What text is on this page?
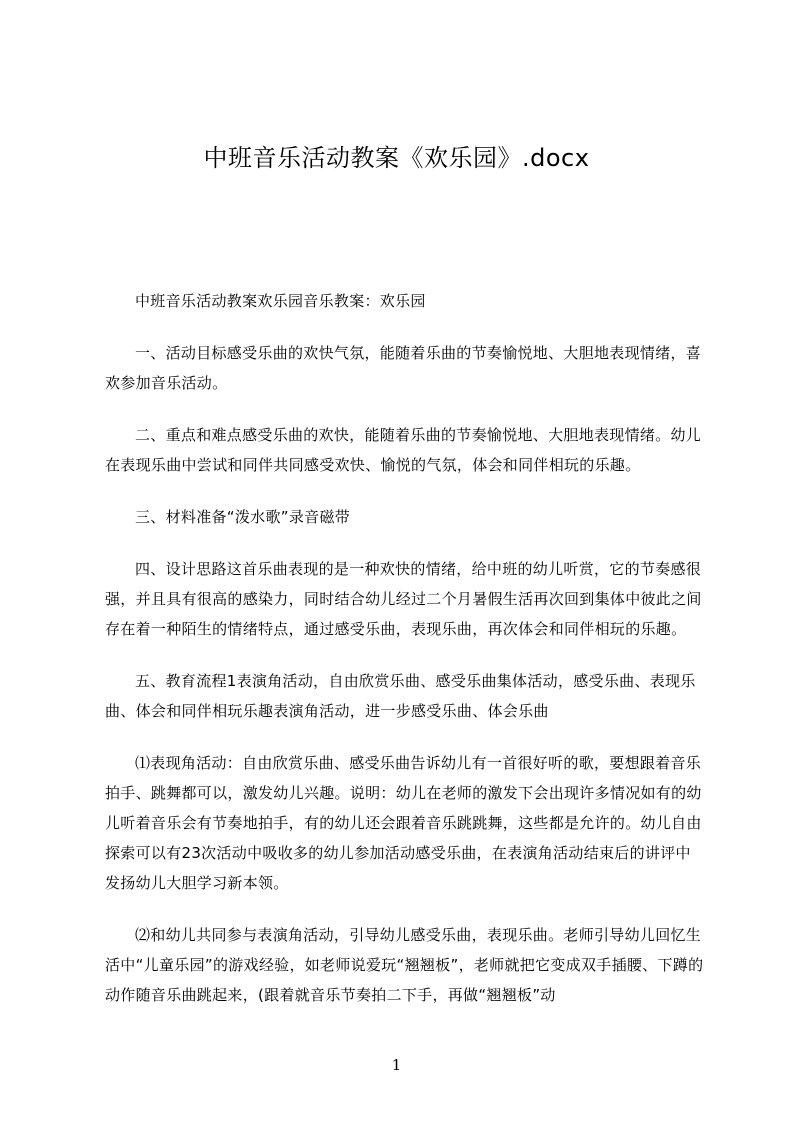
中班音乐活动教案《欢乐园》.docx

中班音乐活动教案欢乐园音乐教案：欢乐园

一、活动目标感受乐曲的欢快气氛，能随着乐曲的节奏愉悦地、大胆地表现情绪，喜欢参加音乐活动。

二、重点和难点感受乐曲的欢快，能随着乐曲的节奏愉悦地、大胆地表现情绪。幼儿在表现乐曲中尝试和同伴共同感受欢快、愉悦的气氛，体会和同伴相玩的乐趣。

三、材料准备“泼水歌”录音磁带

四、设计思路这首乐曲表现的是一种欢快的情绪，给中班的幼儿听赏，它的节奏感很强，并且具有很高的感染力，同时结合幼儿经过二个月暑假生活再次回到集体中彼此之间存在着一种陌生的情绪特点，通过感受乐曲，表现乐曲，再次体会和同伴相玩的乐趣。

五、教育流程1表演角活动，自由欣赏乐曲、感受乐曲集体活动，感受乐曲、表现乐曲、体会和同伴相玩乐趣表演角活动，进一步感受乐曲、体会乐曲

⑴表现角活动：自由欣赏乐曲、感受乐曲告诉幼儿有一首很好听的歌，要想跟着音乐拍手、跳舞都可以，激发幼儿兴趣。说明：幼儿在老师的激发下会出现许多情况如有的幼儿听着音乐会有节奏地拍手，有的幼儿还会跟着音乐跳跳舞，这些都是允许的。幼儿自由探索可以有23次活动中吸收多的幼儿参加活动感受乐曲，在表演角活动结束后的讲评中发扬幼儿大胆学习新本领。

⑵和幼儿共同参与表演角活动，引导幼儿感受乐曲，表现乐曲。老师引导幼儿回忆生活中“儿童乐园”的游戏经验，如老师说爱玩“翘翘板”，老师就把它变成双手插腰、下蹲的动作随音乐曲跳起来，(跟着就音乐节奏拍二下手，再做“翘翘板”动

1
